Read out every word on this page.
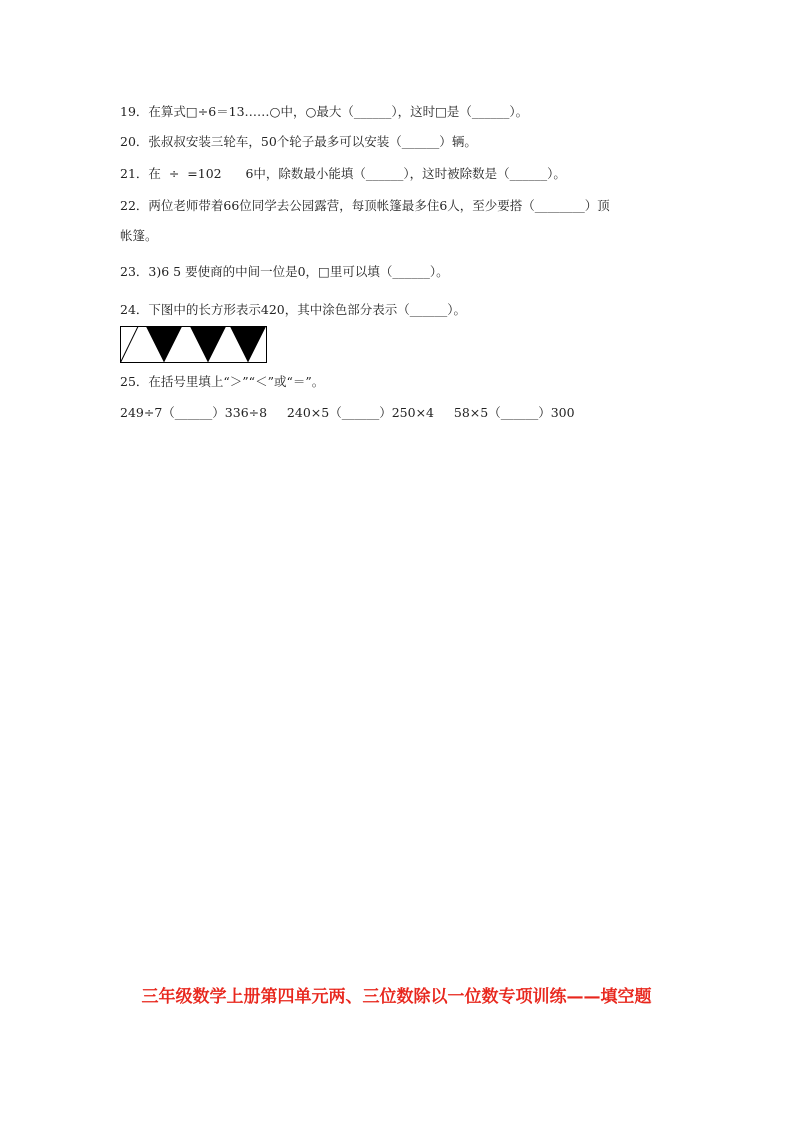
19．在算式□÷6＝13……○中，○最大（______），这时□是（______）。
20．张叔叔安装三轮车，50个轮子最多可以安装（______）辆。
21．在  ÷  =102      6中，除数最小能填（______），这时被除数是（______）。
22．两位老师带着66位同学去公园露营，每顶帐篷最多住6人，至少要搭（________）顶
帐篷。
23．3)6 5 要使商的中间一位是0，□里可以填（______）。
24．下图中的长方形表示420，其中涂色部分表示（______）。
25．在括号里填上“＞”“＜”或“＝”。
249÷7（______）336÷8     240×5（______）250×4     58×5（______）300
三年级数学上册第四单元两、三位数除以一位数专项训练——填空题
